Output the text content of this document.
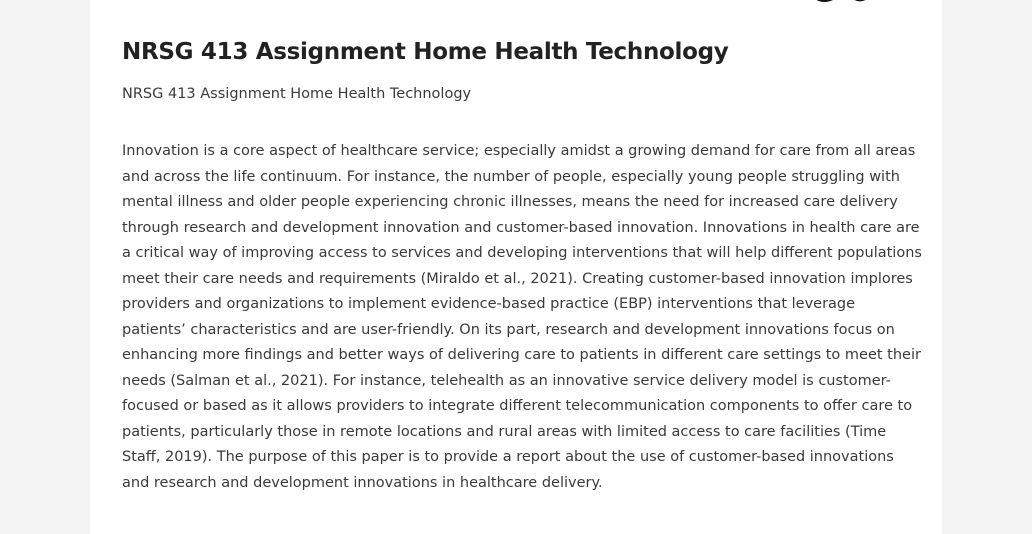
NRSG 413 Assignment Home Health Technology

NRSG 413 Assignment Home Health Technology

Innovation is a core aspect of healthcare service; especially amidst a growing demand for care from all areas and across the life continuum. For instance, the number of people, especially young people struggling with mental illness and older people experiencing chronic illnesses, means the need for increased care delivery through research and development innovation and customer-based innovation. Innovations in health care are a critical way of improving access to services and developing interventions that will help different populations meet their care needs and requirements (Miraldo et al., 2021). Creating customer-based innovation implores providers and organizations to implement evidence-based practice (EBP) interventions that leverage patients’ characteristics and are user-friendly. On its part, research and development innovations focus on enhancing more findings and better ways of delivering care to patients in different care settings to meet their needs (Salman et al., 2021). For instance, telehealth as an innovative service delivery model is customer-focused or based as it allows providers to integrate different telecommunication components to offer care to patients, particularly those in remote locations and rural areas with limited access to care facilities (Time Staff, 2019). The purpose of this paper is to provide a report about the use of customer-based innovations and research and development innovations in healthcare delivery.
